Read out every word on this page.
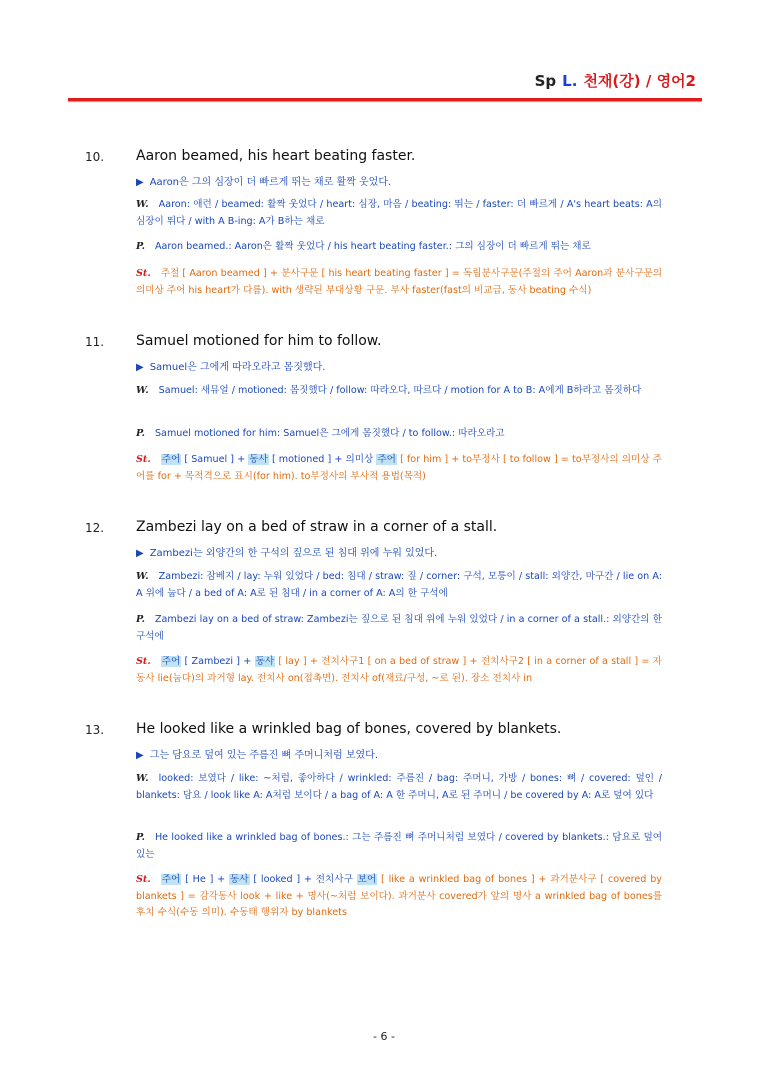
Sp L. 천재(강) / 영어2
10. Aaron beamed, his heart beating faster.
▶ Aaron은 그의 심장이 더 빠르게 뛰는 채로 활짝 웃었다.
W. Aaron: 애런 / beamed: 활짝 웃었다 / heart: 심장, 마음 / beating: 뛰는 / faster: 더 빠르게 / A's heart beats: A의 심장이 뛰다 / with A B-ing: A가 B하는 채로
P. Aaron beamed.: Aaron은 활짝 웃었다 / his heart beating faster.: 그의 심장이 더 빠르게 뛰는 채로
St. 주절 [ Aaron beamed ] + 분사구문 [ his heart beating faster ] = 독립분사구문(주절의 주어 Aaron과 분사구문의 의미상 주어 his heart가 다름). with 생략된 부대상황 구문. 부사 faster(fast의 비교급, 동사 beating 수식)
11. Samuel motioned for him to follow.
▶ Samuel은 그에게 따라오라고 몸짓했다.
W. Samuel: 새뮤얼 / motioned: 몸짓했다 / follow: 따라오다, 따르다 / motion for A to B: A에게 B하라고 몸짓하다
P. Samuel motioned for him: Samuel은 그에게 몸짓했다 / to follow.: 따라오라고
St. 주어 [ Samuel ] + 동사 [ motioned ] + 의미상 주어 [ for him ] + to부정사 [ to follow ] = to부정사의 의미상 주어를 for + 목적격으로 표시(for him). to부정사의 부사적 용법(목적)
12. Zambezi lay on a bed of straw in a corner of a stall.
▶ Zambezi는 외양간의 한 구석의 짚으로 된 침대 위에 누워 있었다.
W. Zambezi: 잠베지 / lay: 누워 있었다 / bed: 침대 / straw: 짚 / corner: 구석, 모퉁이 / stall: 외양간, 마구간 / lie on A: A 위에 눕다 / a bed of A: A로 된 침대 / in a corner of A: A의 한 구석에
P. Zambezi lay on a bed of straw: Zambezi는 짚으로 된 침대 위에 누워 있었다 / in a corner of a stall.: 외양간의 한 구석에
St. 주어 [ Zambezi ] + 동사 [ lay ] + 전치사구1 [ on a bed of straw ] + 전치사구2 [ in a corner of a stall ] = 자동사 lie(눕다)의 과거형 lay. 전치사 on(접촉면). 전치사 of(재료/구성, ~로 된). 장소 전치사 in
13. He looked like a wrinkled bag of bones, covered by blankets.
▶ 그는 담요로 덮여 있는 주름진 뼈 주머니처럼 보였다.
W. looked: 보였다 / like: ~처럼, 좋아하다 / wrinkled: 주름진 / bag: 주머니, 가방 / bones: 뼈 / covered: 덮인 / blankets: 담요 / look like A: A처럼 보이다 / a bag of A: A 한 주머니, A로 된 주머니 / be covered by A: A로 덮여 있다
P. He looked like a wrinkled bag of bones.: 그는 주름진 뼈 주머니처럼 보였다 / covered by blankets.: 담요로 덮여 있는
St. 주어 [ He ] + 동사 [ looked ] + 전치사구 보어 [ like a wrinkled bag of bones ] + 과거분사구 [ covered by blankets ] = 감각동사 look + like + 명사(~처럼 보이다). 과거분사 covered가 앞의 명사 a wrinkled bag of bones를 후치 수식(수동 의미). 수동태 행위자 by blankets
- 6 -
